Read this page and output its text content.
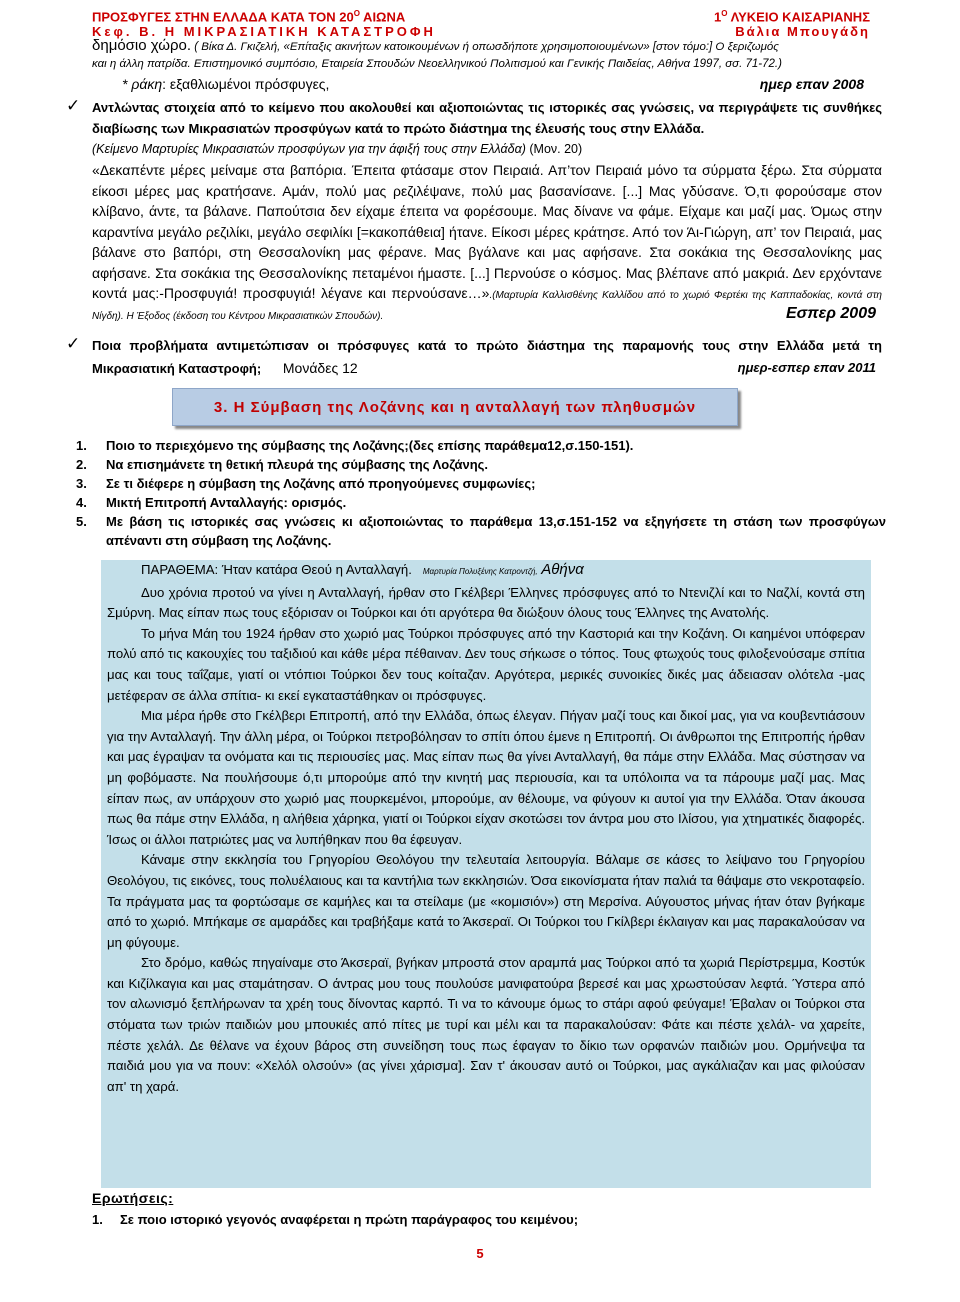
ΠΡΟΣΦΥΓΕΣ ΣΤΗΝ ΕΛΛΑΔΑ ΚΑΤΑ ΤΟΝ $20^O$ ΑΙΩΝΑ	$1^O$ ΛΥΚΕΙΟ ΚΑΙΣΑΡΙΑΝΗΣ
Κεφ. Β. Η ΜΙΚΡΑΣΙΑΤΙΚΗ ΚΑΤΑΣΤΡΟΦΗ	Βάλια Μπουγάδη
δημόσιο χώρο. ( Βίκα Δ. Γκιζελή, «Επίταξις ακινήτων κατοικουμένων ή οπωσδήποτε χρησιμοποιουμένων» [στον τόμο:] Ο ξεριζωμός
και η άλλη πατρίδα. Επιστημονικό συμπόσιο, Εταιρεία Σπουδών Νεοελληνικού Πολιτισμού και Γενικής Παιδείας, Αθήνα 1997, σσ. 71-72.)
* ράκη: εξαθλιωμένοι πρόσφυγες,	ημερ επαν 2008
✓ Αντλώντας στοιχεία από το κείμενο που ακολουθεί και αξιοποιώντας τις ιστορικές σας γνώσεις, να περιγράψετε τις συνθήκες διαβίωσης των Μικρασιατών προσφύγων κατά το πρώτο διάστημα της έλευσής τους στην Ελλάδα.
(Κείμενο Μαρτυρίες Μικρασιατών προσφύγων για την άφιξή τους στην Ελλάδα) (Μον. 20)
«Δεκαπέντε μέρες μείναμε στα βαπόρια. Έπειτα φτάσαμε στον Πειραιά. Απ’τον Πειραιά μόνο τα σύρματα ξέρω. Στα σύρματα είκοσι μέρες μας κρατήσανε. Αμάν, πολύ μας ρεζιλέψανε, πολύ μας βασανίσανε. [...] Μας γδύσανε. Ό,τι φορούσαμε στον κλίβανο, άντε, τα βάλανε. Παπούτσια δεν είχαμε έπειτα να φορέσουμε. Μας δίνανε να φάμε. Είχαμε και μαζί μας. Όμως στην καραντίνα μεγάλο ρεζιλίκι, μεγάλο σεφιλίκι [=κακοπάθεια] ήτανε. Είκοσι μέρες κράτησε. Από τον Άι-Γιώργη, απ’ τον Πειραιά, μας βάλανε στο βαπόρι, στη Θεσσαλονίκη μας φέρανε. Μας βγάλανε και μας αφήσανε. Στα σοκάκια της Θεσσαλονίκης μας αφήσανε. Στα σοκάκια της Θεσσαλονίκης πεταμένοι ήμαστε. [...] Περνούσε ο κόσμος. Μας βλέπανε από μακριά. Δεν ερχόντανε κοντά μας:-Προσφυγιά! προσφυγιά! λέγανε και περνούσανε…».(Μαρτυρία Καλλισθένης Καλλίδου από το χωριό Φερτέκι της Καππαδοκίας, κοντά στη Νίγδη). Η Έξοδος (έκδοση του Κέντρου Μικρασιατικών Σπουδών).	Εσπερ 2009
✓ Ποια προβλήματα αντιμετώπισαν οι πρόσφυγες κατά το πρώτο διάστημα της παραμονής τους στην Ελλάδα μετά τη Μικρασιατική Καταστροφή; Μονάδες 12	ημερ-εσπερ επαν 2011
3. Η Σύμβαση της Λοζάνης και η ανταλλαγή των πληθυσμών
1.	Ποιο το περιεχόμενο της σύμβασης της Λοζάνης;(δες επίσης παράθεμα12,σ.150-151).
2.	Να επισημάνετε τη θετική πλευρά της σύμβασης της Λοζάνης.
3.	Σε τι διέφερε η σύμβαση της Λοζάνης από προηγούμενες συμφωνίες;
4.	Μικτή Επιτροπή Ανταλλαγής: ορισμός.
5.	Με βάση τις ιστορικές σας γνώσεις κι αξιοποιώντας το παράθεμα 13,σ.151-152 να εξηγήσετε τη στάση των προσφύγων απέναντι στη σύμβαση της Λοζάνης.

ΠΑΡΑΘΕΜΑ: Ήταν κατάρα Θεού η Ανταλλαγή. Μαρτυρία Πολυξένης Κατροντζή, Αθήνα

Δυο χρόνια προτού να γίνει η Ανταλλαγή, ήρθαν στο Γκέλβερι Έλληνες πρόσφυγες από το Ντενιζλί και το Ναζλί, κοντά στη Σμύρνη. Μας είπαν πως τους εξόρισαν οι Τούρκοι και ότι αργότερα θα διώξουν όλους τους Έλληνες της Ανατολής.

Το μήνα Μάη του 1924 ήρθαν στο χωριό μας Τούρκοι πρόσφυγες από την Καστοριά και την Κοζάνη. Οι καημένοι υπόφεραν πολύ από τις κακουχίες του ταξιδιού και κάθε μέρα πέθαιναν. Δεν τους σήκωσε ο τόπος. Τους φτωχούς τους φιλοξενούσαμε σπίτια μας και τους ταΐζαμε, γιατί οι ντόπιοι Τούρκοι δεν τους κοίταζαν. Αργότερα, μερικές συνοικίες δικές μας άδειασαν ολότελα -μας μετέφεραν σε άλλα σπίτια- κι εκεί εγκαταστάθηκαν οι πρόσφυγες.

Μια μέρα ήρθε στο Γκέλβερι Επιτροπή, από την Ελλάδα, όπως έλεγαν. Πήγαν μαζί τους και δικοί μας, για να κουβεντιάσουν για την Ανταλλαγή. Την άλλη μέρα, οι Τούρκοι πετροβόλησαν το σπίτι όπου έμενε η Επιτροπή. Οι άνθρωποι της Επιτροπής ήρθαν και μας έγραψαν τα ονόματα και τις περιουσίες μας. Μας είπαν πως θα γίνει Ανταλλαγή, θα πάμε στην Ελλάδα. Μας σύστησαν να μη φοβόμαστε. Να πουλήσουμε ό,τι μπορούμε από την κινητή μας περιουσία, και τα υπόλοιπα να τα πάρουμε μαζί μας. Μας είπαν πως, αν υπάρχουν στο χωριό μας πουρκεμένοι, μπορούμε, αν θέλουμε, να φύγουν κι αυτοί για την Ελλάδα. Όταν άκουσα πως θα πάμε στην Ελλάδα, η αλήθεια χάρηκα, γιατί οι Τούρκοι είχαν σκοτώσει τον άντρα μου στο Ιλίσου, για χτηματικές διαφορές. Ίσως οι άλλοι πατριώτες μας να λυπήθηκαν που θα έφευγαν.

Κάναμε στην εκκλησία του Γρηγορίου Θεολόγου την τελευταία λειτουργία. Βάλαμε σε κάσες το λείψανο του Γρηγορίου Θεολόγου, τις εικόνες, τους πολυέλαιους και τα καντήλια των εκκλησιών. Όσα εικονίσματα ήταν παλιά τα θάψαμε στο νεκροταφείο. Τα πράγματα μας τα φορτώσαμε σε καμήλες και τα στείλαμε (με «κομισιόν») στη Μερσίνα. Αύγουστος μήνας ήταν όταν βγήκαμε από το χωριό. Μπήκαμε σε αμαράδες και τραβήξαμε κατά το Άκσεραϊ. Οι Τούρκοι του Γκίλβερι έκλαιγαν και μας παρακαλούσαν να μη φύγουμε.

Στο δρόμο, καθώς πηγαίναμε στο Άκσεραϊ, βγήκαν μπροστά στον αραμπά μας Τούρκοι από τα χωριά Περίστρεμμα, Κοστύκ και Κιζίλκαγια και μας σταμάτησαν. Ο άντρας μου τους πουλούσε μανιφατούρα βερεσέ και μας χρωστούσαν λεφτά. Ύστερα από τον αλωνισμό ξεπλήρωναν τα χρέη τους δίνοντας καρπό. Τι να το κάνουμε όμως το στάρι αφού φεύγαμε! Έβαλαν οι Τούρκοι στα στόματα των τριών παιδιών μου μπουκιές από πίτες με τυρί και μέλι και τα παρακαλούσαν: Φάτε και πέστε χελάλ- να χαρείτε, πέστε χελάλ. Δε θέλανε να έχουν βάρος στη συνείδηση τους πως έφαγαν το δίκιο των ορφανών παιδιών μου. Ορμήνεψα τα παιδιά μου για να πουν: «Χελόλ ολσούν» (ας γίνει χάρισμα]. Σαν τ' άκουσαν αυτό οι Τούρκοι, μας αγκάλιαζαν και μας φιλούσαν απ' τη χαρά.

Ερωτήσεις:
1.	Σε ποιο ιστορικό γεγονός αναφέρεται η πρώτη παράγραφος του κειμένου;
5
